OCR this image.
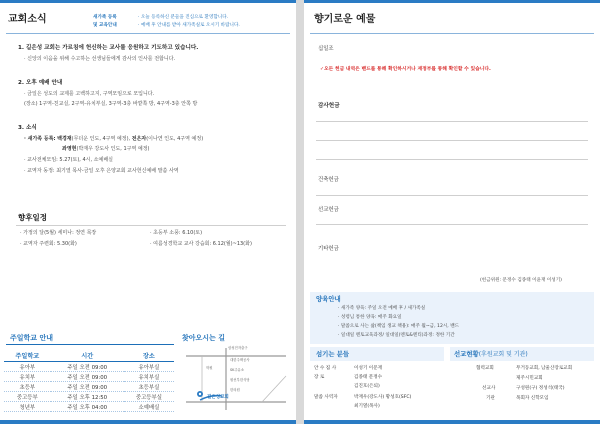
교회소식	새가족 등록
및 교육안내
· 오늘 등록하신 분들을 진심으로 환영합니다.
· 예배 후 안내를 받아 새가족실로 오시기 바랍니다.
1. 길은성 교회는 가르침에 헌신하는 교사를 응원하고 기도하고 있습니다.
· 신앙의 이음을 위해 수고하는 선생님들에게 감사의 인사를 전합니다.
2. 오후 예배 안내
· 금일은 성도의 교제를 고백하고지, 구역모임으로 모입니다.
(장소) 1구역-친교실, 2구역-유치부실, 3구역-3층 바깥쪽 방, 4구역-3층 안쪽 방
3. 소식
· 새가족 등록: 백경재(무더운 인도, 4구역 예정), 전은자(이나연 인도, 4구역 예정)
좌영현(박재우 강도사 인도, 1구역 예정)
· 교사전체모임: 5.27(토), 4시, 소예배실
· 교역자 동정: 최기열 목사-금일 오후 은양교회 교사헌신예배 말씀 사역
향후일정
· 가정의 달(5월) 세미나: 정연 목장
· 교역자 주련회: 5.30(화)
· 초등부 소풍: 6.10(토)
· 여름성경학교 교사 강습회: 6.12(월)~13(화)
주일학교 안내
주일학교	시간	장소
유아부	주일 오전 09:00	유아부실
유치부	주일 오전 09:00	유치부실
초등부	주일 오전 09:00	초등부실
중고등부	주일 오후 12:50	중고등부실
청년부	주일 오후 04:00	소예배실
찾아오시는 길
길은성교회
삼성전자출구
학원
대한주택공사
SK주유소
원선부한식당
한의원
향기로운 예물
십일조
✓오든 헌금 내역은 밴드를 통해 확인하시거나 재정부를 통해 확인할 수 있습니다.
감사헌금
건축헌금
선교헌금
기타헌금
(헌금위원: 문정수 김종태 이윤재 이성기)
양육안내
· 새가족 양육: 주일 오전 예배 후 / 새가족실
· 성령님 통한 양육: 매주 화요일
· 말씀으로 사는 삶(책임 생교 책용): 매주 월~금, 12시, 밴드
· 일대일 멘토교육과정/ 일대일(멘토&멘티)과정: 정한 기간
섬기는 분들
안 수 집 사	이성기 이문재
장 로	김종태 문정수
김진호(은퇴)
말씀 사역자	박재우(강도사) 황성호(SFC)
최기열(목사)
선교현황(후원교회 및 기관)
협력교회	무거동교회, 남울산장로교회
제주시민교회
선교사	구성원(구) 정성석(태국)
기관	목회자 신학모임
